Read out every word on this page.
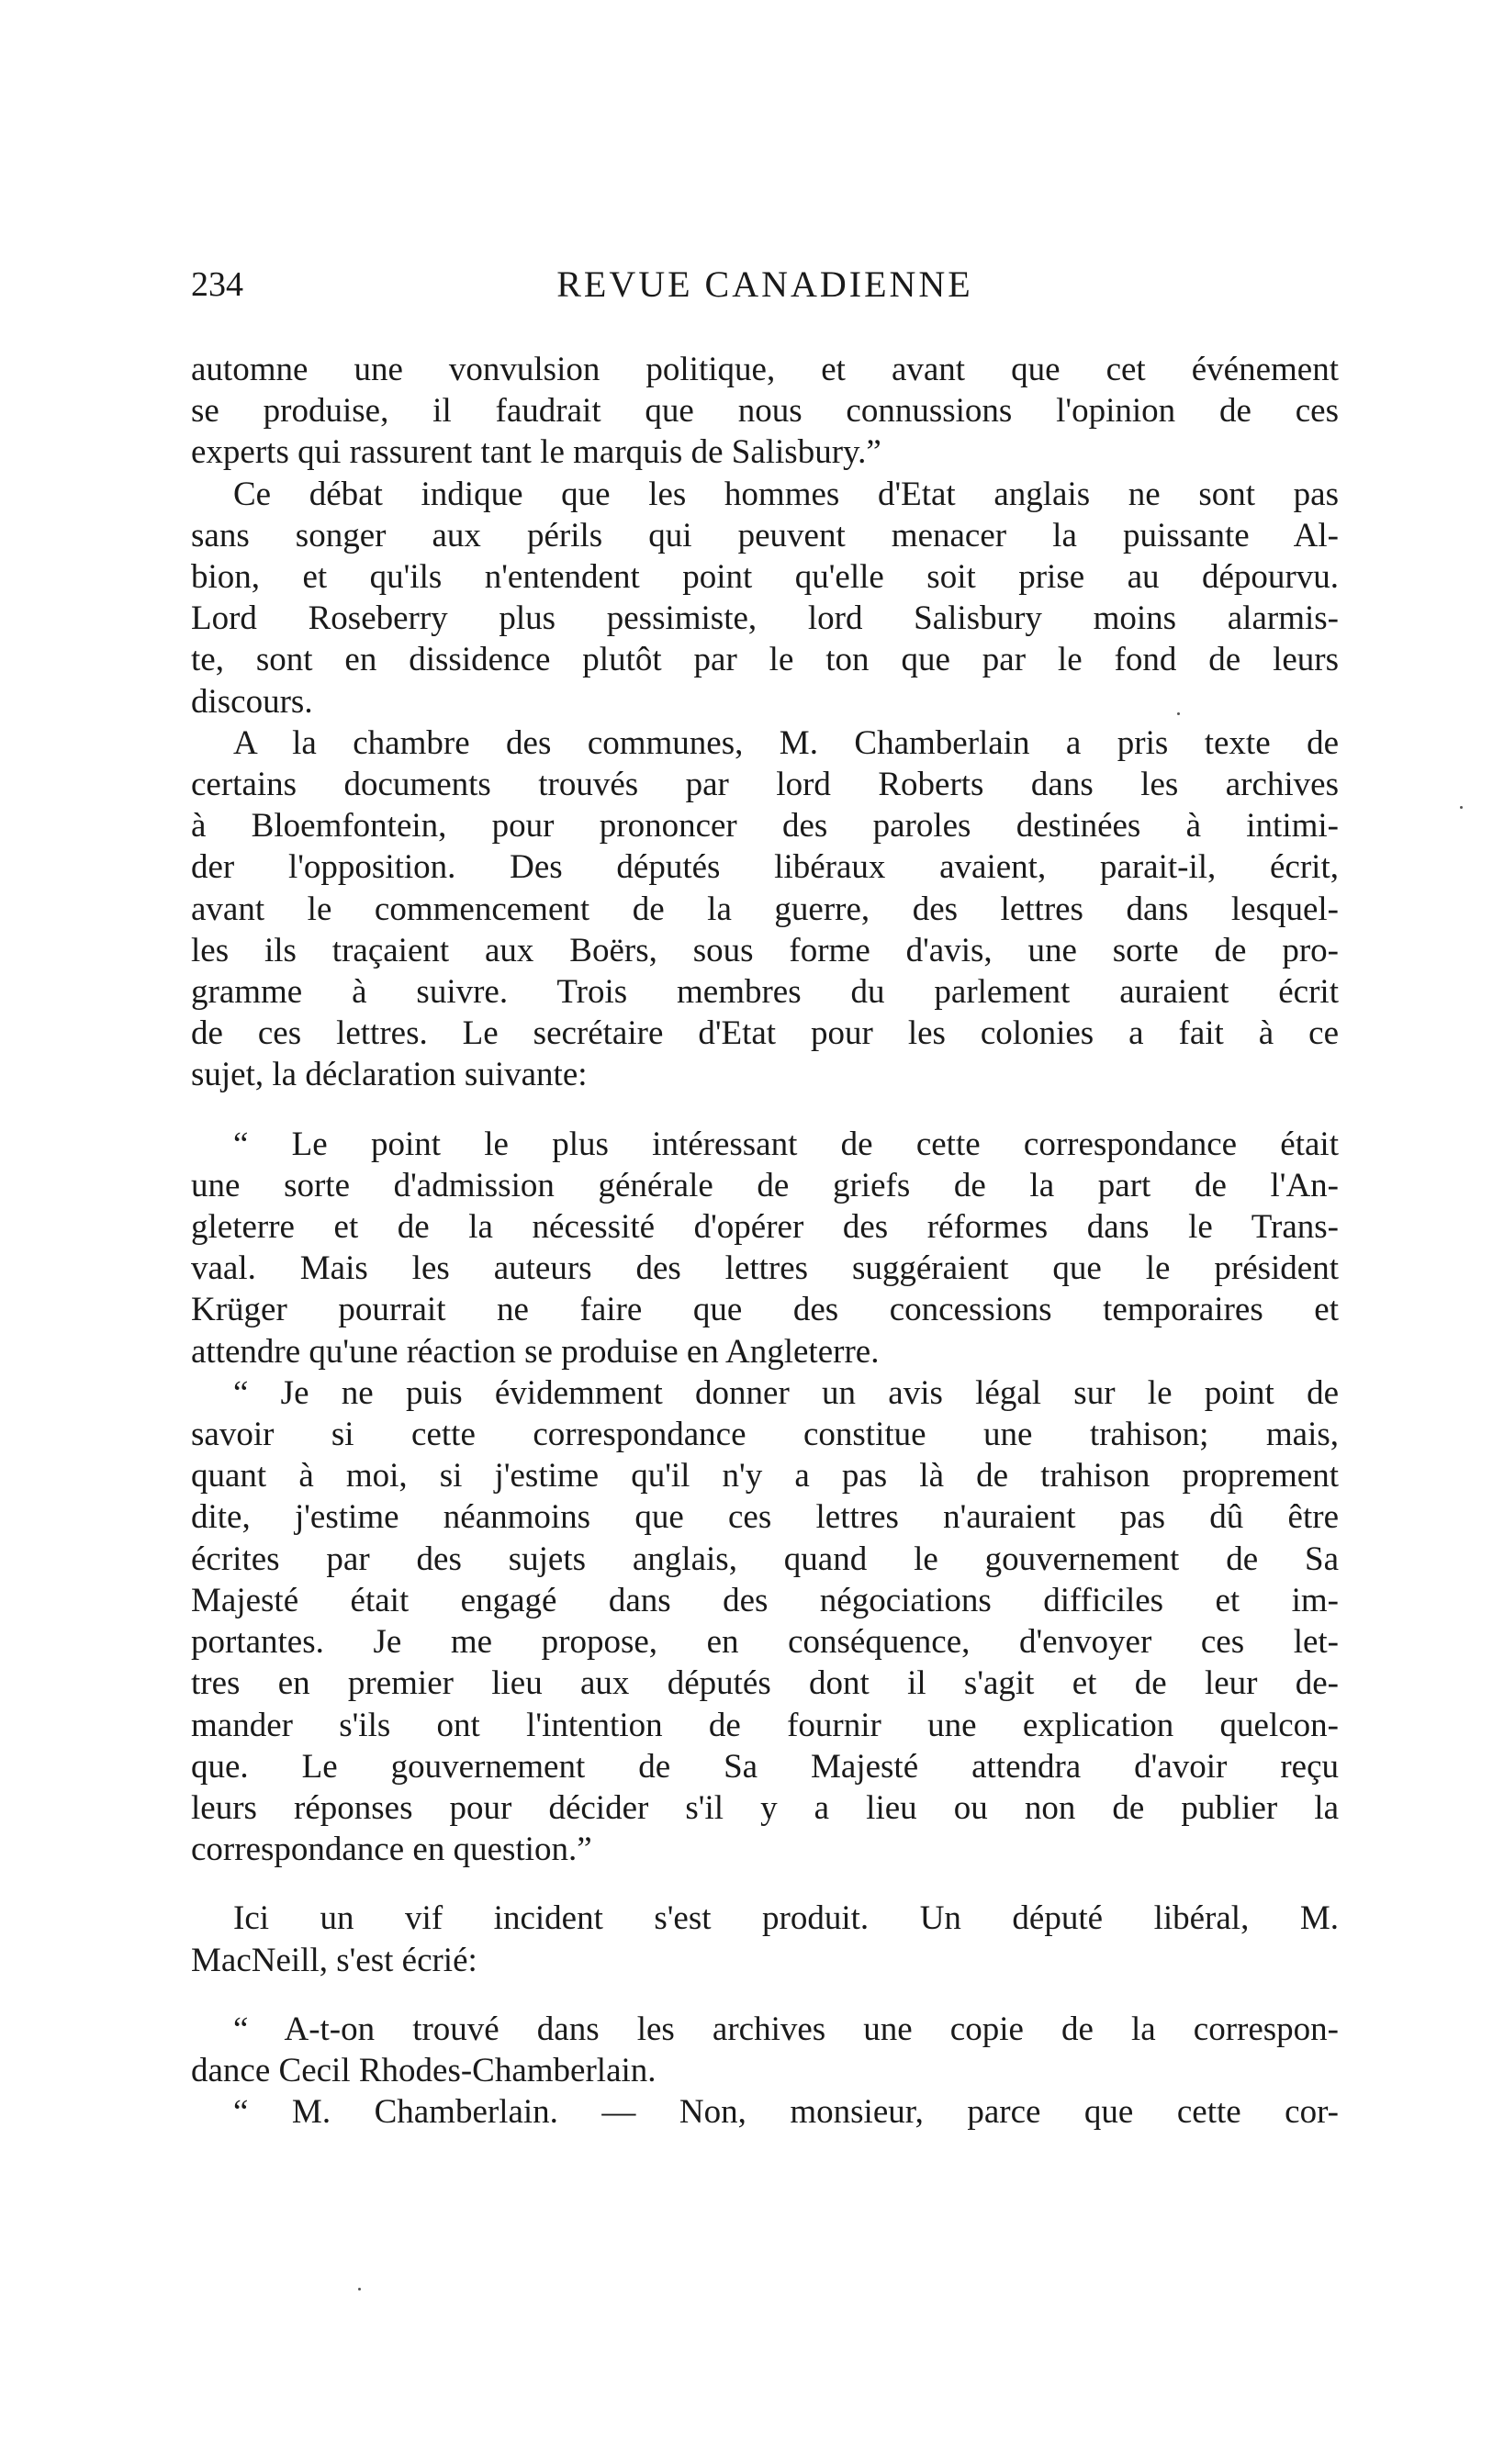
234	REVUE CANADIENNE
automne une vonvulsion politique, et avant que cet événement
se produise, il faudrait que nous connussions l'opinion de ces
experts qui rassurent tant le marquis de Salisbury.”
Ce débat indique que les hommes d'Etat anglais ne sont pas
sans songer aux périls qui peuvent menacer la puissante Al-
bion, et qu'ils n'entendent point qu'elle soit prise au dépourvu.
Lord Roseberry plus pessimiste, lord Salisbury moins alarmis-
te, sont en dissidence plutôt par le ton que par le fond de leurs
discours.
A la chambre des communes, M. Chamberlain a pris texte de
certains documents trouvés par lord Roberts dans les archives
à Bloemfontein, pour prononcer des paroles destinées à intimi-
der l'opposition. Des députés libéraux avaient, parait-il, écrit,
avant le commencement de la guerre, des lettres dans lesquel-
les ils traçaient aux Boërs, sous forme d'avis, une sorte de pro-
gramme à suivre. Trois membres du parlement auraient écrit
de ces lettres. Le secrétaire d'Etat pour les colonies a fait à ce
sujet, la déclaration suivante:
“ Le point le plus intéressant de cette correspondance était
une sorte d'admission générale de griefs de la part de l'An-
gleterre et de la nécessité d'opérer des réformes dans le Trans-
vaal. Mais les auteurs des lettres suggéraient que le président
Krüger pourrait ne faire que des concessions temporaires et
attendre qu'une réaction se produise en Angleterre.
“ Je ne puis évidemment donner un avis légal sur le point de
savoir si cette correspondance constitue une trahison; mais,
quant à moi, si j'estime qu'il n'y a pas là de trahison proprement
dite, j'estime néanmoins que ces lettres n'auraient pas dû être
écrites par des sujets anglais, quand le gouvernement de Sa
Majesté était engagé dans des négociations difficiles et im-
portantes. Je me propose, en conséquence, d'envoyer ces let-
tres en premier lieu aux députés dont il s'agit et de leur de-
mander s'ils ont l'intention de fournir une explication quelcon-
que. Le gouvernement de Sa Majesté attendra d'avoir reçu
leurs réponses pour décider s'il y a lieu ou non de publier la
correspondance en question.”
Ici un vif incident s'est produit. Un député libéral, M.
MacNeill, s'est écrié:
“ A-t-on trouvé dans les archives une copie de la correspon-
dance Cecil Rhodes-Chamberlain.
“ M. Chamberlain. — Non, monsieur, parce que cette cor-
